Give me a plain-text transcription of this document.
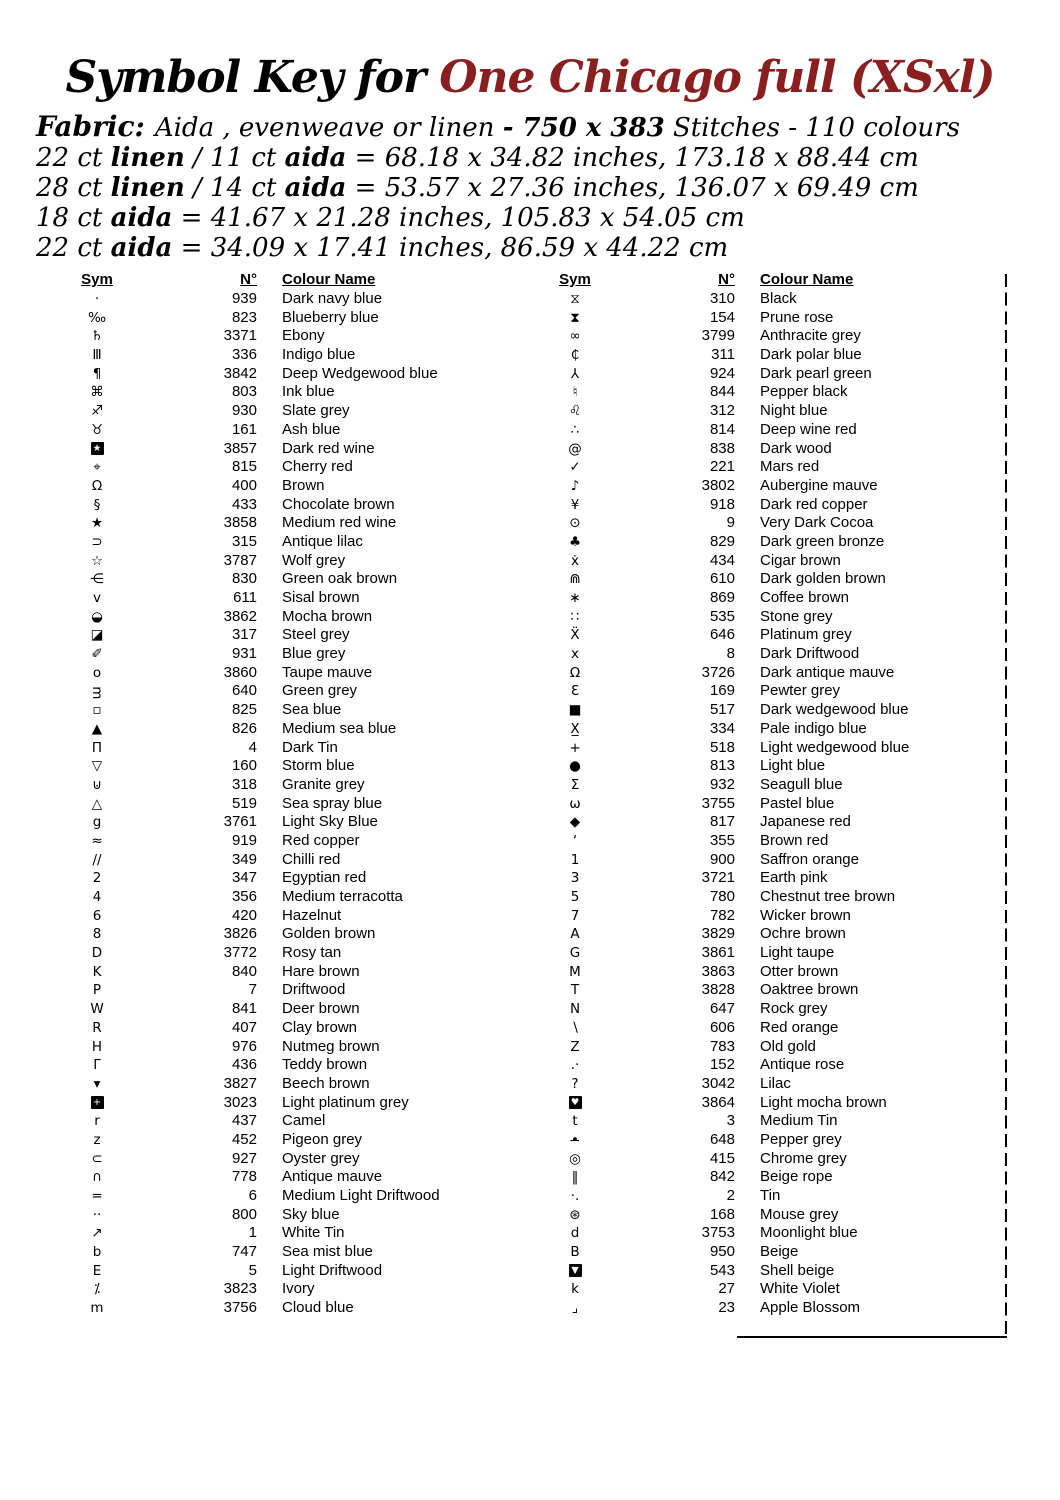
Symbol Key for One Chicago full (XSxl)
Fabric: Aida , evenweave or linen - 750 x 383 Stitches - 110 colours
22 ct linen / 11 ct aida = 68.18 x 34.82 inches, 173.18 x 88.44 cm
28 ct linen / 14 ct aida = 53.57 x 27.36 inches, 136.07 x 69.49 cm
18 ct aida = 41.67 x 21.28 inches, 105.83 x 54.05 cm
22 ct aida = 34.09 x 17.41 inches, 86.59 x 44.22 cm
Sym	N° Colour Name
·	939 Dark navy blue
‰	823 Blueberry blue
♄	3371 Ebony
Ⅲ	336 Indigo blue
¶	3842 Deep Wedgewood blue
⌘	803 Ink blue
♐	930 Slate grey
♉	161 Ash blue
★	3857 Dark red wine
⌖	815 Cherry red
Ω	400 Brown
§	433 Chocolate brown
★	3858 Medium red wine
⊃	315 Antique lilac
☆	3787 Wolf grey
⋲	830 Green oak brown
ᴠ	611 Sisal brown
◒	3862 Mocha brown
◪	317 Steel grey
✐	931 Blue grey
o	3860 Taupe mauve
ᴟ	640 Green grey
▫	825 Sea blue
▲	826 Medium sea blue
Π	4 Dark Tin
▽	160 Storm blue
⊍	318 Granite grey
△	519 Sea spray blue
g	3761 Light Sky Blue
≈	919 Red copper
∕∕	349 Chilli red
2	347 Egyptian red
4	356 Medium terracotta
6	420 Hazelnut
8	3826 Golden brown
D	3772 Rosy tan
K	840 Hare brown
P	7 Driftwood
W	841 Deer brown
R	407 Clay brown
H	976 Nutmeg brown
Γ	436 Teddy brown
▾	3827 Beech brown
+	3023 Light platinum grey
r	437 Camel
z	452 Pigeon grey
⊂	927 Oyster grey
∩	778 Antique mauve
=	6 Medium Light Driftwood
··	800 Sky blue
↗	1 White Tin
b	747 Sea mist blue
E	5 Light Driftwood
⁒	3823 Ivory
m	3756 Cloud blue
Sym	N° Colour Name
⧖	310 Black
⧗	154 Prune rose
∞	3799 Anthracite grey
₵	311 Dark polar blue
⅄	924 Dark pearl green
♮	844 Pepper black
♌	312 Night blue
∴	814 Deep wine red
@	838 Dark wood
✓	221 Mars red
♪	3802 Aubergine mauve
¥	918 Dark red copper
⊙	9 Very Dark Cocoa
♣	829 Dark green bronze
ẋ	434 Cigar brown
⋒	610 Dark golden brown
∗	869 Coffee brown
∷	535 Stone grey
Ẍ	646 Platinum grey
x	8 Dark Driftwood
Ω	3726 Dark antique mauve
Ɛ	169 Pewter grey
■	517 Dark wedgewood blue
X̲	334 Pale indigo blue
+	518 Light wedgewood blue
●	813 Light blue
Σ	932 Seagull blue
ω	3755 Pastel blue
◆	817 Japanese red
‘	355 Brown red
1	900 Saffron orange
3	3721 Earth pink
5	780 Chestnut tree brown
7	782 Wicker brown
A	3829 Ochre brown
G	3861 Light taupe
M	3863 Otter brown
T	3828 Oaktree brown
N	647 Rock grey
∖	606 Red orange
Z	783 Old gold
.·	152 Antique rose
?	3042 Lilac
♥	3864 Light mocha brown
t	3 Medium Tin
•̶	648 Pepper grey
◎	415 Chrome grey
‖	842 Beige rope
·.	2 Tin
⊛	168 Mouse grey
d	3753 Moonlight blue
B	950 Beige
▼	543 Shell beige
k	27 White Violet
⌟	23 Apple Blossom
